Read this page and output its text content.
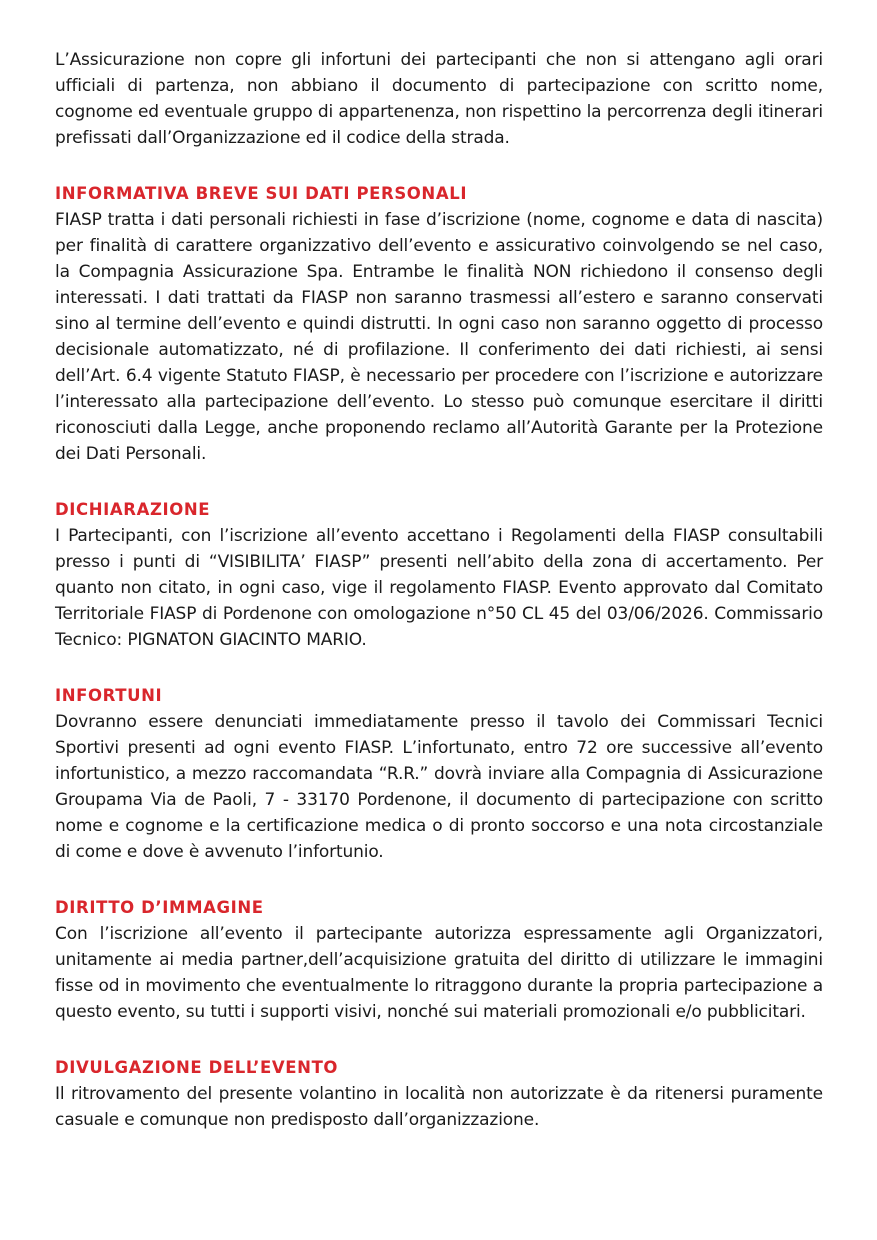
L’Assicurazione non copre gli infortuni dei partecipanti che non si attengano agli orari ufficiali di partenza, non abbiano il documento di partecipazione con scritto nome, cognome ed eventuale gruppo di appartenenza, non rispettino la percorrenza degli itinerari prefissati dall’Organizzazione ed il codice della strada.

INFORMATIVA BREVE SUI DATI PERSONALI

FIASP tratta i dati personali richiesti in fase d’iscrizione (nome, cognome e data di nascita) per finalità di carattere organizzativo dell’evento e assicurativo coinvolgendo se nel caso, la Compagnia Assicurazione Spa. Entrambe le finalità NON richiedono il consenso degli interessati. I dati trattati da FIASP non saranno trasmessi all’estero e saranno conservati sino al termine dell’evento e quindi distrutti. In ogni caso non saranno oggetto di processo decisionale automatizzato, né di profilazione. Il conferimento dei dati richiesti, ai sensi dell’Art. 6.4 vigente Statuto FIASP, è necessario per procedere con l’iscrizione e autorizzare l’interessato alla partecipazione dell’evento. Lo stesso può comunque esercitare il diritti riconosciuti dalla Legge, anche proponendo reclamo all’Autorità Garante per la Protezione dei Dati Personali.

DICHIARAZIONE

I Partecipanti, con l’iscrizione all’evento accettano i Regolamenti della FIASP consultabili presso i punti di “VISIBILITA’ FIASP” presenti nell’abito della zona di accertamento. Per quanto non citato, in ogni caso, vige il regolamento FIASP. Evento approvato dal Comitato Territoriale FIASP di Pordenone con omologazione n°50 CL 45 del 03/06/2026. Commissario Tecnico: PIGNATON GIACINTO MARIO.

INFORTUNI

Dovranno essere denunciati immediatamente presso il tavolo dei Commissari Tecnici Sportivi presenti ad ogni evento FIASP. L’infortunato, entro 72 ore successive all’evento infortunistico, a mezzo raccomandata “R.R.” dovrà inviare alla Compagnia di Assicurazione Groupama Via de Paoli, 7 - 33170 Pordenone, il documento di partecipazione con scritto nome e cognome e la certificazione medica o di pronto soccorso e una nota circostanziale di come e dove è avvenuto l’infortunio.

DIRITTO D’IMMAGINE

Con l’iscrizione all’evento il partecipante autorizza espressamente agli Organizzatori, unitamente ai media partner,dell’acquisizione gratuita del diritto di utilizzare le immagini fisse od in movimento che eventualmente lo ritraggono durante la propria partecipazione a questo evento, su tutti i supporti visivi, nonché sui materiali promozionali e/o pubblicitari.

DIVULGAZIONE DELL’EVENTO

Il ritrovamento del presente volantino in località non autorizzate è da ritenersi puramente casuale e comunque non predisposto dall’organizzazione.
